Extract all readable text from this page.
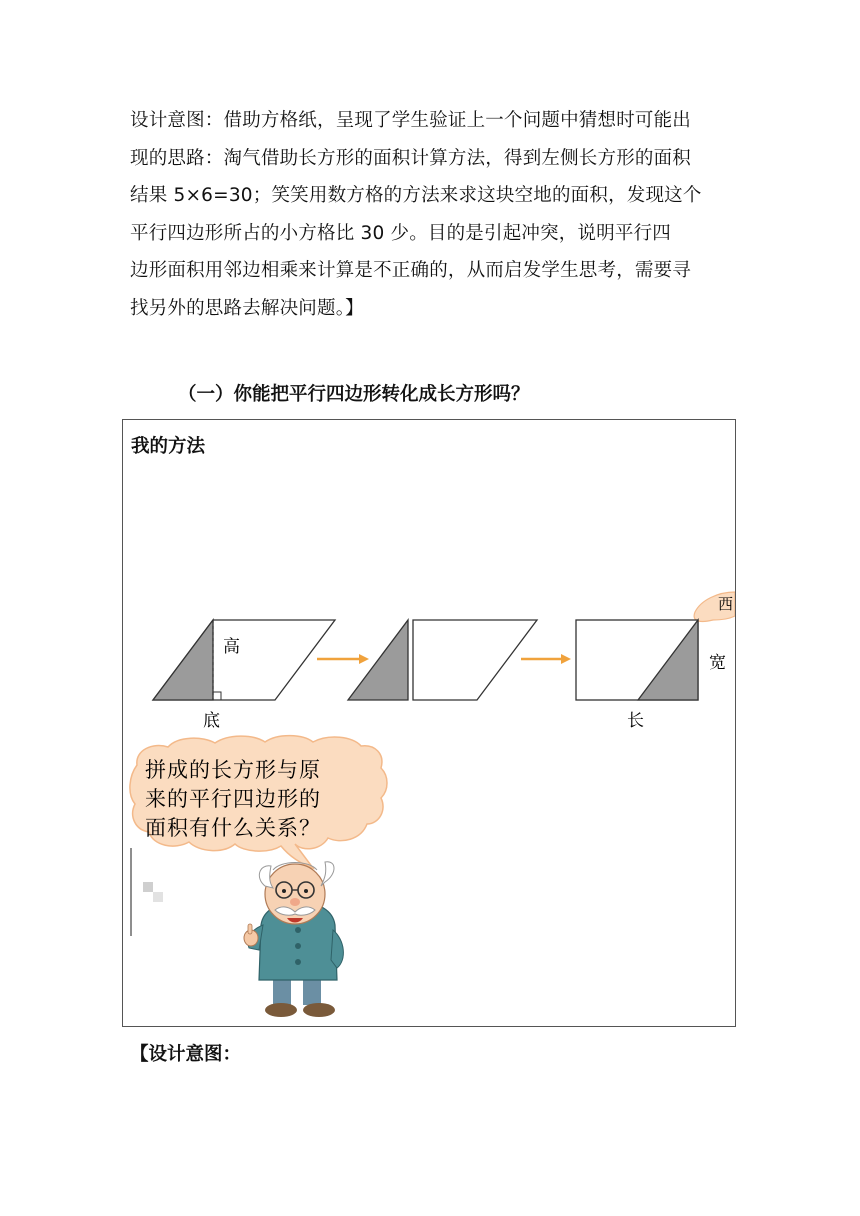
设计意图：借助方格纸，呈现了学生验证上一个问题中猜想时可能出

现的思路：淘气借助长方形的面积计算方法，得到左侧长方形的面积

结果 5×6=30；笑笑用数方格的方法来求这块空地的面积，发现这个

平行四边形所占的小方格比 30 少。目的是引起冲突，说明平行四

边形面积用邻边相乘来计算是不正确的，从而启发学生思考，需要寻

找另外的思路去解决问题。】

（一）你能把平行四边形转化成长方形吗？
我的方法
西
高
底
宽
长
拼成的长方形与原
来的平行四边形的
面积有什么关系？
【设计意图：
